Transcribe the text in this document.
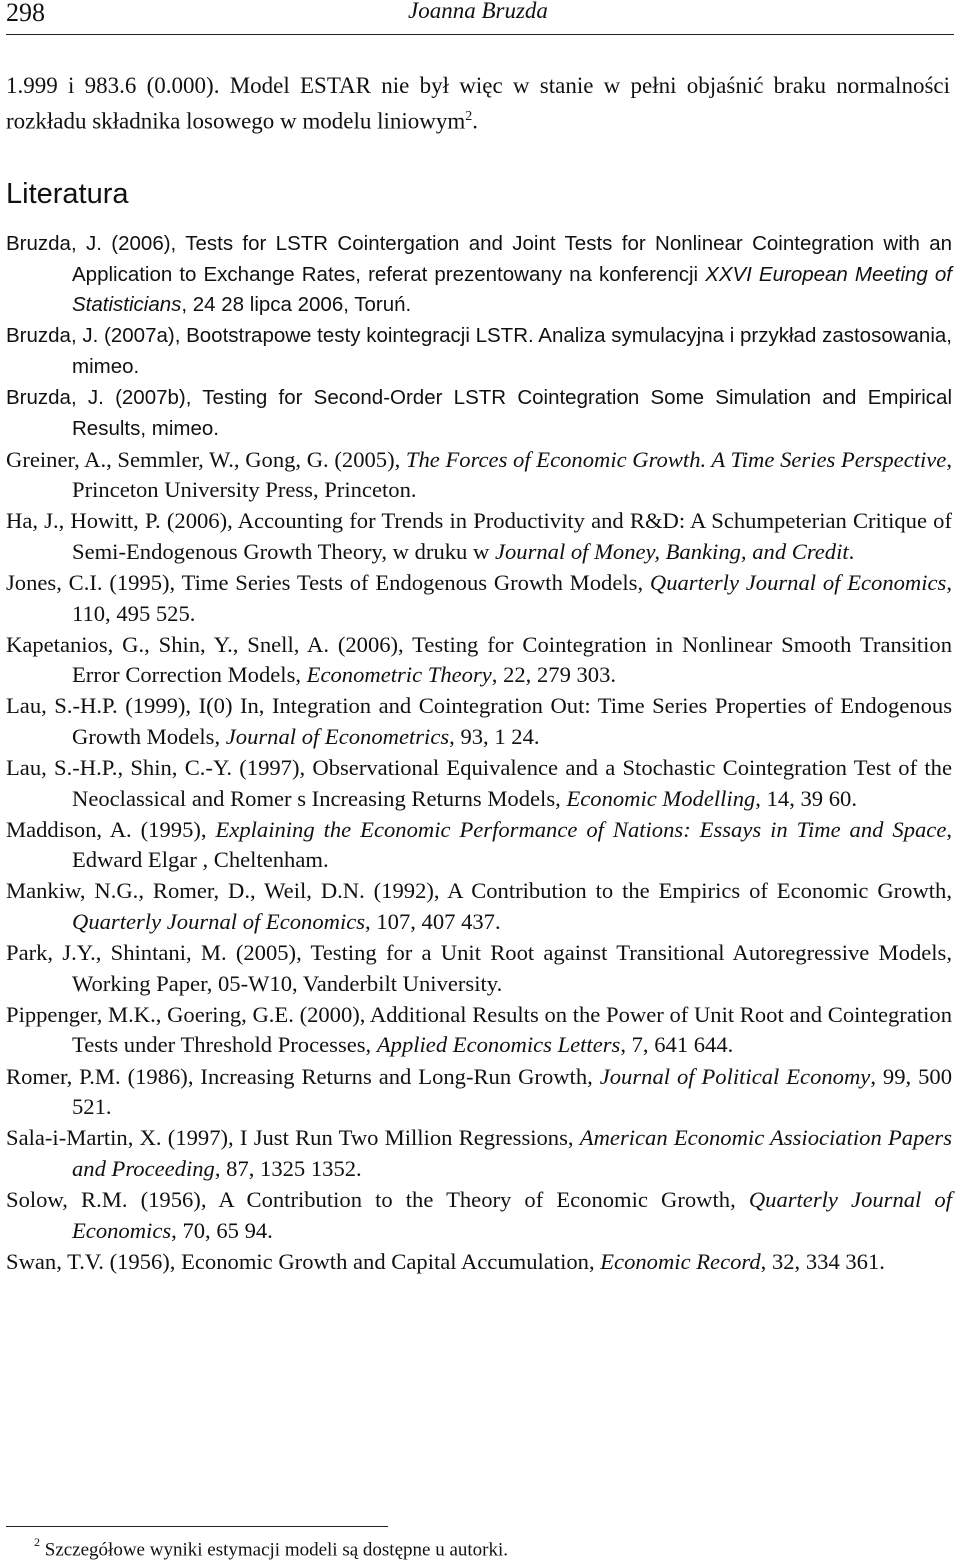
298	Joanna Bruzda

1.999 i 983.6 (0.000). Model ESTAR nie był więc w stanie w pełni objaśnić braku normalności rozkładu składnika losowego w modelu liniowym$^2$.

Literatura
Bruzda, J. (2006), Tests for LSTR Cointergation and Joint Tests for Nonlinear Cointegration with an Application to Exchange Rates, referat prezentowany na konferencji XXVI European Meeting of Statisticians, 24 28 lipca 2006, Toruń.
Bruzda, J. (2007a), Bootstrapowe testy kointegracji LSTR. Analiza symulacyjna i przykład zastosowania, mimeo.
Bruzda, J. (2007b), Testing for Second-Order LSTR Cointegration Some Simulation and Empirical Results, mimeo.
Greiner, A., Semmler, W., Gong, G. (2005), The Forces of Economic Growth. A Time Series Perspective, Princeton University Press, Princeton.
Ha, J., Howitt, P. (2006), Accounting for Trends in Productivity and R&D: A Schumpeterian Critique of Semi-Endogenous Growth Theory, w druku w Journal of Money, Banking, and Credit.
Jones, C.I. (1995), Time Series Tests of Endogenous Growth Models, Quarterly Journal of Economics, 110, 495 525.
Kapetanios, G., Shin, Y., Snell, A. (2006), Testing for Cointegration in Nonlinear Smooth Transition Error Correction Models, Econometric Theory, 22, 279 303.
Lau, S.-H.P. (1999), I(0) In, Integration and Cointegration Out: Time Series Properties of Endogenous Growth Models, Journal of Econometrics, 93, 1 24.
Lau, S.-H.P., Shin, C.-Y. (1997), Observational Equivalence and a Stochastic Cointegration Test of the Neoclassical and Romer s Increasing Returns Models, Economic Modelling, 14, 39 60.
Maddison, A. (1995), Explaining the Economic Performance of Nations: Essays in Time and Space, Edward Elgar , Cheltenham.
Mankiw, N.G., Romer, D., Weil, D.N. (1992), A Contribution to the Empirics of Economic Growth, Quarterly Journal of Economics, 107, 407 437.
Park, J.Y., Shintani, M. (2005), Testing for a Unit Root against Transitional Autoregressive Models, Working Paper, 05-W10, Vanderbilt University.
Pippenger, M.K., Goering, G.E. (2000), Additional Results on the Power of Unit Root and Cointegration Tests under Threshold Processes, Applied Economics Letters, 7, 641 644.
Romer, P.M. (1986), Increasing Returns and Long-Run Growth, Journal of Political Economy, 99, 500 521.
Sala-i-Martin, X. (1997), I Just Run Two Million Regressions, American Economic Assiociation Papers and Proceeding, 87, 1325 1352.
Solow, R.M. (1956), A Contribution to the Theory of Economic Growth, Quarterly Journal of Economics, 70, 65 94.
Swan, T.V. (1956), Economic Growth and Capital Accumulation, Economic Record, 32, 334 361.
$^2$ Szczegółowe wyniki estymacji modeli są dostępne u autorki.
